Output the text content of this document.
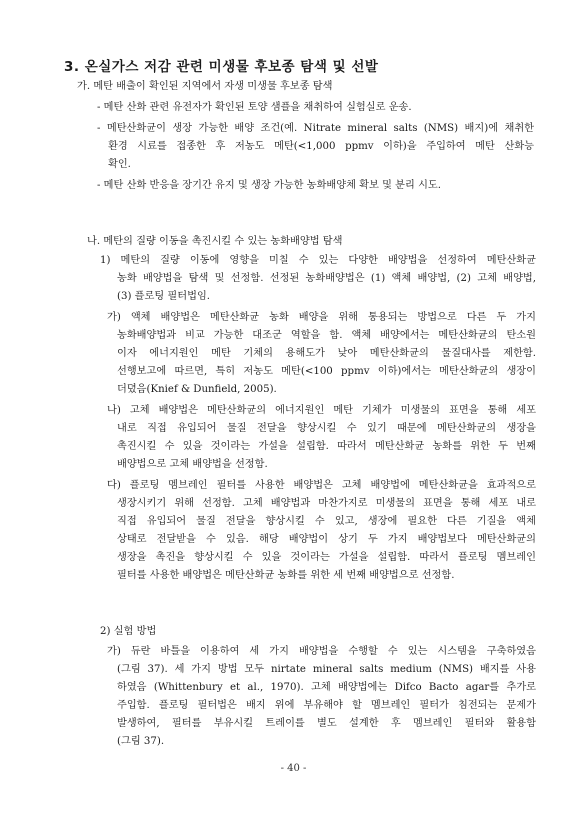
3. 온실가스 저감 관련 미생물 후보종 탐색 및 선발
가. 메탄 배출이 확인된 지역에서 자생 미생물 후보종 탐색
- 메탄 산화 관련 유전자가 확인된 토양 샘플을 채취하여 실험실로 운송.
- 메탄산화균이 생장 가능한 배양 조건(예. Nitrate mineral salts (NMS) 배지)에 채취한
환경 시료를 접종한 후 저농도 메탄(<1,000 ppmv 이하)을 주입하여 메탄 산화능
확인.
- 메탄 산화 반응을 장기간 유지 및 생장 가능한 농화배양체 확보 및 분리 시도.
나. 메탄의 질량 이동을 촉진시킬 수 있는 농화배양법 탐색
1) 메탄의 질량 이동에 영향을 미칠 수 있는 다양한 배양법을 선정하여 메탄산화균
농화 배양법을 탐색 및 선정함. 선정된 농화배양법은 (1) 액체 배양법, (2) 고체 배양법,
(3) 플로팅 필터법임.
가) 액체 배양법은 메탄산화균 농화 배양을 위해 통용되는 방법으로 다른 두 가지
농화배양법과 비교 가능한 대조군 역할을 함. 액체 배양에서는 메탄산화균의 탄소원
이자 에너지원인 메탄 기체의 용해도가 낮아 메탄산화균의 물질대사를 제한함.
선행보고에 따르면, 특히 저농도 메탄(<100 ppmv 이하)에서는 메탄산화균의 생장이
더뎠음(Knief & Dunfield, 2005).
나) 고체 배양법은 메탄산화균의 에너지원인 메탄 기체가 미생물의 표면을 통해 세포
내로 직접 유입되어 물질 전달을 향상시킬 수 있기 때문에 메탄산화균의 생장을
촉진시킬 수 있을 것이라는 가설을 설립함. 따라서 메탄산화균 농화를 위한 두 번째
배양법으로 고체 배양법을 선정함.
다) 플로팅 멤브레인 필터를 사용한 배양법은 고체 배양법에 메탄산화균을 효과적으로
생장시키기 위해 선정함. 고체 배양법과 마찬가지로 미생물의 표면을 통해 세포 내로
직접 유입되어 물질 전달을 향상시킬 수 있고, 생장에 필요한 다른 기질을 액체
상태로 전달받을 수 있음. 해당 배양법이 상기 두 가지 배양법보다 메탄산화균의
생장을 촉진을 향상시킬 수 있을 것이라는 가설을 설립함. 따라서 플로팅 멤브레인
필터를 사용한 배양법은 메탄산화균 농화를 위한 세 번째 배양법으로 선정함.
2) 실험 방법
가) 듀란 바틀을 이용하여 세 가지 배양법을 수행할 수 있는 시스템을 구축하였음
(그림 37). 세 가지 방법 모두 nirtate mineral salts medium (NMS) 배지를 사용
하였음 (Whittenbury et al., 1970). 고체 배양법에는 Difco Bacto agar를 추가로
주입함. 플로팅 필터법은 배지 위에 부유해야 할 멤브레인 필터가 침전되는 문제가
발생하여, 필터를 부유시킬 트레이를 별도 설계한 후 멤브레인 필터와 활용함
(그림 37).
- 40 -
